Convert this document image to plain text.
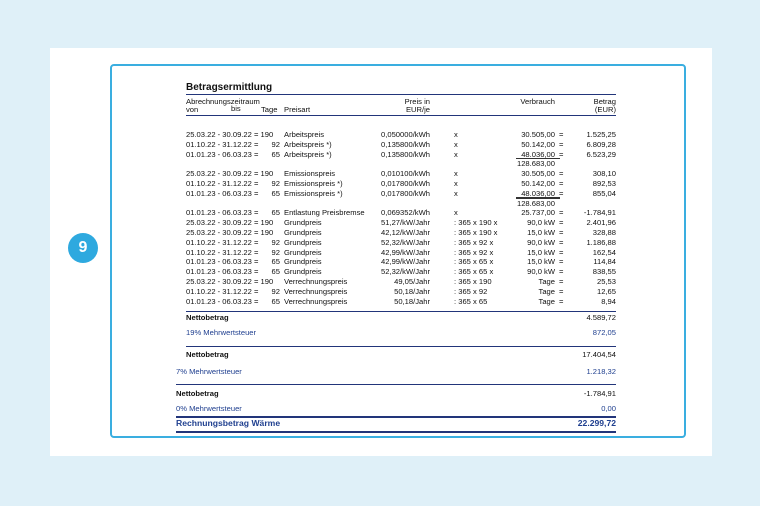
9
Betragsermittlung
Abrechnungszeitraum
von	bis	Tage Preisart
Preis in
EUR/je
Verbrauch	Betrag
(EUR)
25.03.22 - 30.09.22 = 190 Arbeitspreis	0,050000/kWh	x	30.505,00 =	1.525,25
01.10.22 - 31.12.22 =	92 Arbeitspreis *)	0,135800/kWh	x	50.142,00 =	6.809,28
01.01.23 - 06.03.23 =	65 Arbeitspreis *)	0,135800/kWh	x	48.036,00 =	6.523,29
128.683,00
25.03.22 - 30.09.22 = 190 Emissionspreis	0,010100/kWh	x	30.505,00 =	308,10
01.10.22 - 31.12.22 =	92 Emissionspreis *)	0,017800/kWh	x	50.142,00 =	892,53
01.01.23 - 06.03.23 =	65 Emissionspreis *)	0,017800/kWh	x	48.036,00 =	855,04
128.683,00
01.01.23 - 06.03.23 =	65 Entlastung Preisbremse	0,069352/kWh	x	25.737,00 =	-1.784,91
25.03.22 - 30.09.22 = 190 Grundpreis	51,27/kW/Jahr	: 365 x 190 x	90,0 kW =	2.401,96
25.03.22 - 30.09.22 = 190 Grundpreis	42,12/kW/Jahr	: 365 x 190 x	15,0 kW =	328,88
01.10.22 - 31.12.22 =	92 Grundpreis	52,32/kW/Jahr	: 365 x 92 x	90,0 kW =	1.186,88
01.10.22 - 31.12.22 =	92 Grundpreis	42,99/kW/Jahr	: 365 x 92 x	15,0 kW =	162,54
01.01.23 - 06.03.23 =	65 Grundpreis	42,99/kW/Jahr	: 365 x 65 x	15,0 kW =	114,84
01.01.23 - 06.03.23 =	65 Grundpreis	52,32/kW/Jahr	: 365 x 65 x	90,0 kW =	838,55
25.03.22 - 30.09.22 = 190 Verrechnungspreis	49,05/Jahr	: 365 x 190	Tage =	25,53
01.10.22 - 31.12.22 =	92 Verrechnungspreis	50,18/Jahr	: 365 x 92	Tage =	12,65
01.01.23 - 06.03.23 =	65 Verrechnungspreis	50,18/Jahr	: 365 x 65	Tage =	8,94
Nettobetrag	4.589,72
19% Mehrwertsteuer	872,05
Nettobetrag	17.404,54
7% Mehrwertsteuer	1.218,32
Nettobetrag	-1.784,91
0% Mehrwertsteuer	0,00
Rechnungsbetrag Wärme	22.299,72
